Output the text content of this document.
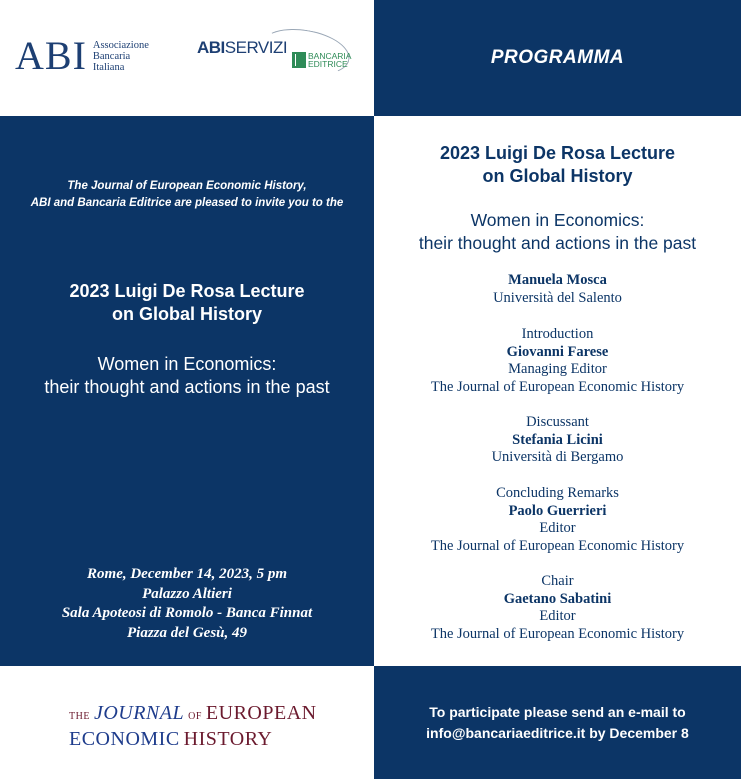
ABI Associazione
Bancaria
Italiana
ABISERVIZI BANCARIA
EDITRICE	PROGRAMMA
The Journal of European Economic History,
ABI and Bancaria Editrice are pleased to invite you to the
2023 Luigi De Rosa Lecture
on Global History
Women in Economics:
their thought and actions in the past
Rome, December 14, 2023, 5 pm
Palazzo Altieri
Sala Apoteosi di Romolo - Banca Finnat
Piazza del Gesù, 49
2023 Luigi De Rosa Lecture
on Global History
Women in Economics:
their thought and actions in the past
Manuela Mosca
Università del Salento
Introduction
Giovanni Farese
Managing Editor
The Journal of European Economic History
Discussant
Stefania Licini
Università di Bergamo
Concluding Remarks
Paolo Guerrieri
Editor
The Journal of European Economic History
Chair
Gaetano Sabatini
Editor
The Journal of European Economic History
THE JOURNAL OF EUROPEAN
ECONOMIC HISTORY
To participate please send an e-mail to
info@bancariaeditrice.it by December 8
